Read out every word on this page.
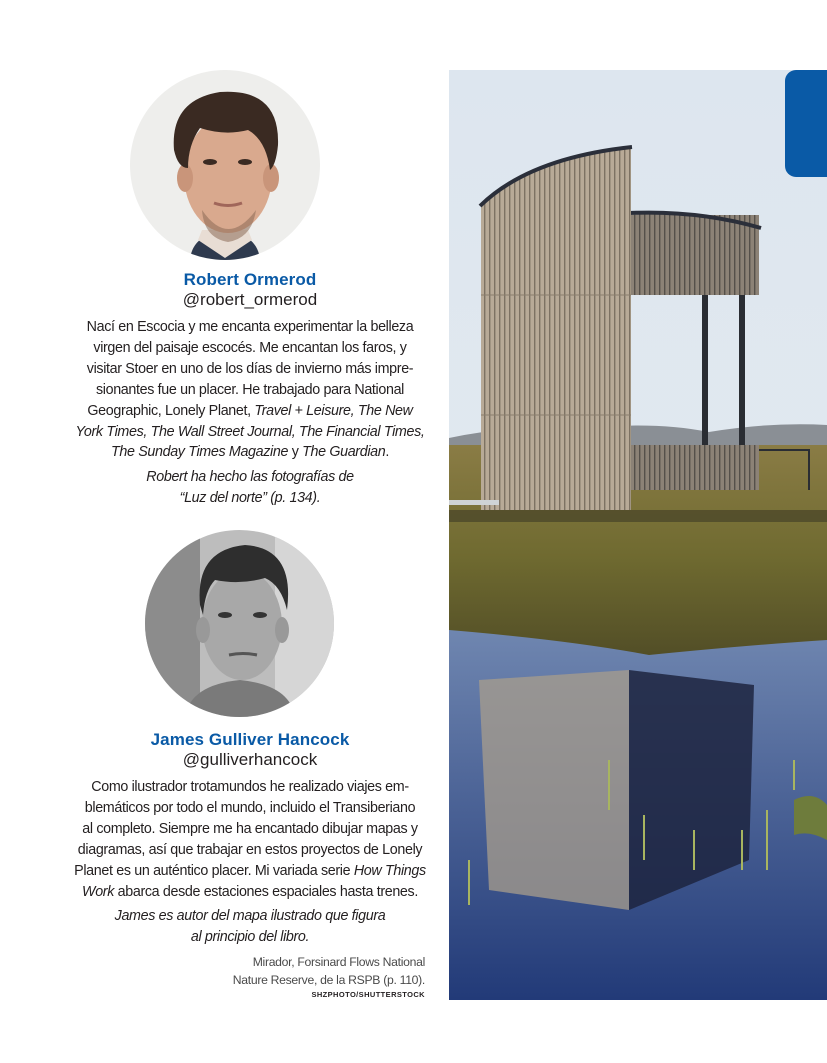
Robert Ormerod
@robert_ormerod

Nací en Escocia y me encanta experimentar la belleza

virgen del paisaje escocés. Me encantan los faros, y

visitar Stoer en uno de los días de invierno más impre-

sionantes fue un placer. He trabajado para National

Geographic, Lonely Planet, Travel + Leisure, The New

York Times, The Wall Street Journal, The Financial Times,

The Sunday Times Magazine y The Guardian.

Robert ha hecho las fotografías de
“Luz del norte” (p. 134).
James Gulliver Hancock
@gulliverhancock

Como ilustrador trotamundos he realizado viajes em-

blemáticos por todo el mundo, incluido el Transiberiano

al completo. Siempre me ha encantado dibujar mapas y

diagramas, así que trabajar en estos proyectos de Lonely

Planet es un auténtico placer. Mi variada serie How Things

Work abarca desde estaciones espaciales hasta trenes.

James es autor del mapa ilustrado que figura
al principio del libro.
Mirador, Forsinard Flows National
Nature Reserve, de la RSPB (p. 110).
SHZPHOTO/SHUTTERSTOCK
